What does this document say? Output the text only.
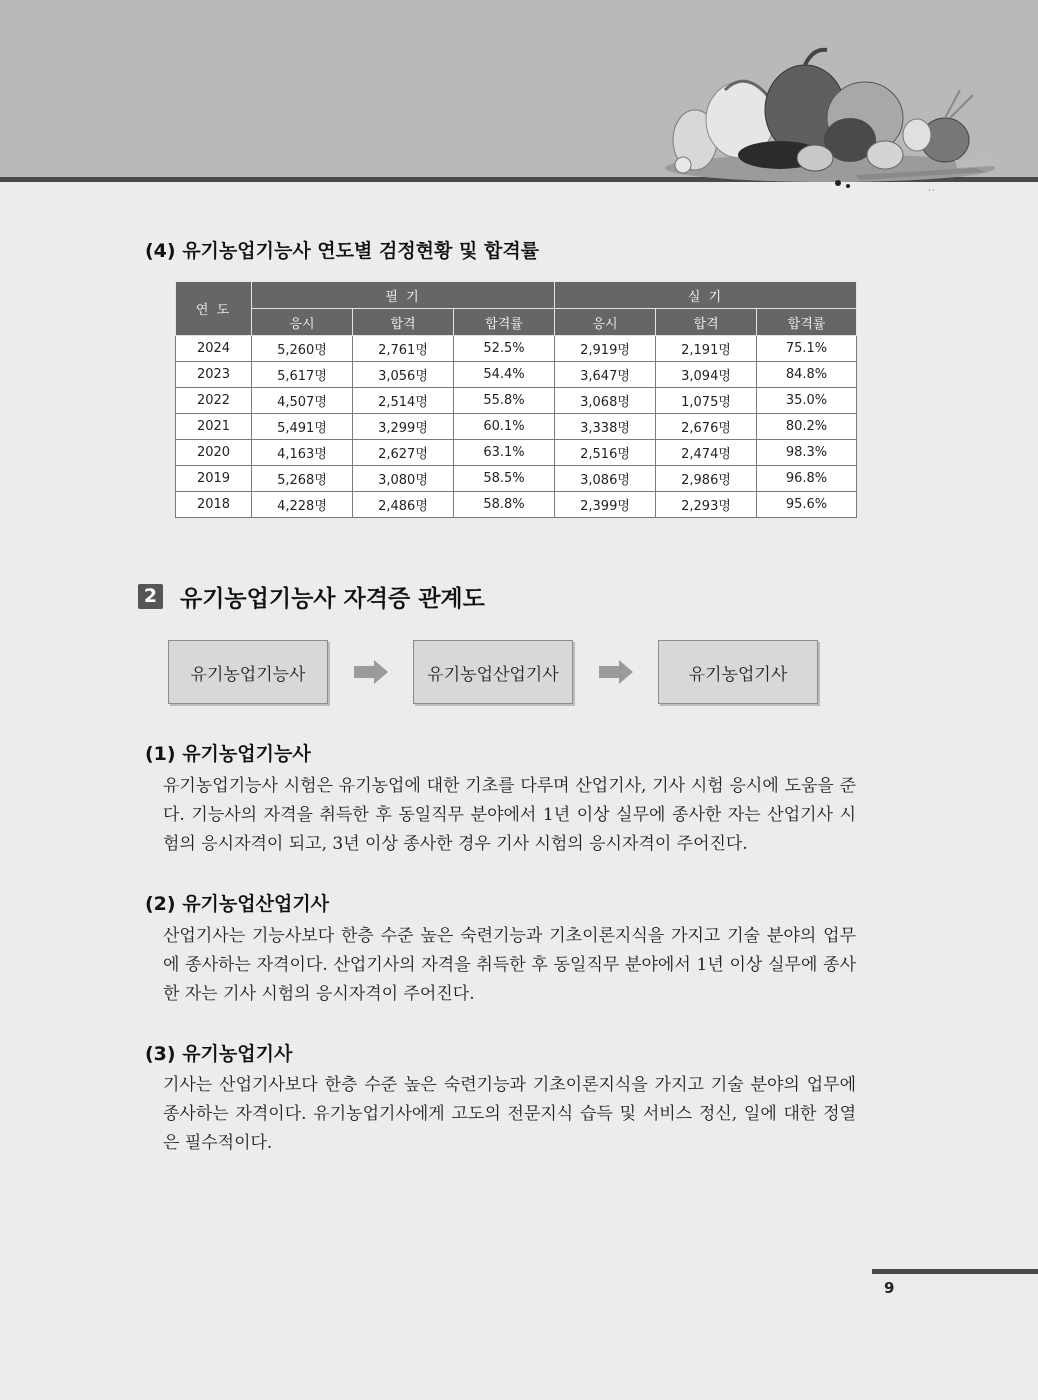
··
(4) 유기농업기능사 연도별 검정현황 및 합격률
연 도	필 기			실 기		
	응시	합격	합격률	응시	합격	합격률
2024	5,260명	2,761명	52.5%	2,919명	2,191명	75.1%
2023	5,617명	3,056명	54.4%	3,647명	3,094명	84.8%
2022	4,507명	2,514명	55.8%	3,068명	1,075명	35.0%
2021	5,491명	3,299명	60.1%	3,338명	2,676명	80.2%
2020	4,163명	2,627명	63.1%	2,516명	2,474명	98.3%
2019	5,268명	3,080명	58.5%	3,086명	2,986명	96.8%
2018	4,228명	2,486명	58.8%	2,399명	2,293명	95.6%
2 유기농업기능사 자격증 관계도
유기농업기능사	유기농업산업기사	유기농업기사
(1) 유기농업기능사
유기농업기능사 시험은 유기농업에 대한 기초를 다루며 산업기사, 기사 시험 응시에 도움을 준다. 기능사의 자격을 취득한 후 동일직무 분야에서 1년 이상 실무에 종사한 자는 산업기사 시험의 응시자격이 되고, 3년 이상 종사한 경우 기사 시험의 응시자격이 주어진다.
(2) 유기농업산업기사
산업기사는 기능사보다 한층 수준 높은 숙련기능과 기초이론지식을 가지고 기술 분야의 업무에 종사하는 자격이다. 산업기사의 자격을 취득한 후 동일직무 분야에서 1년 이상 실무에 종사한 자는 기사 시험의 응시자격이 주어진다.
(3) 유기농업기사
기사는 산업기사보다 한층 수준 높은 숙련기능과 기초이론지식을 가지고 기술 분야의 업무에 종사하는 자격이다. 유기농업기사에게 고도의 전문지식 습득 및 서비스 정신, 일에 대한 정열은 필수적이다.
9
